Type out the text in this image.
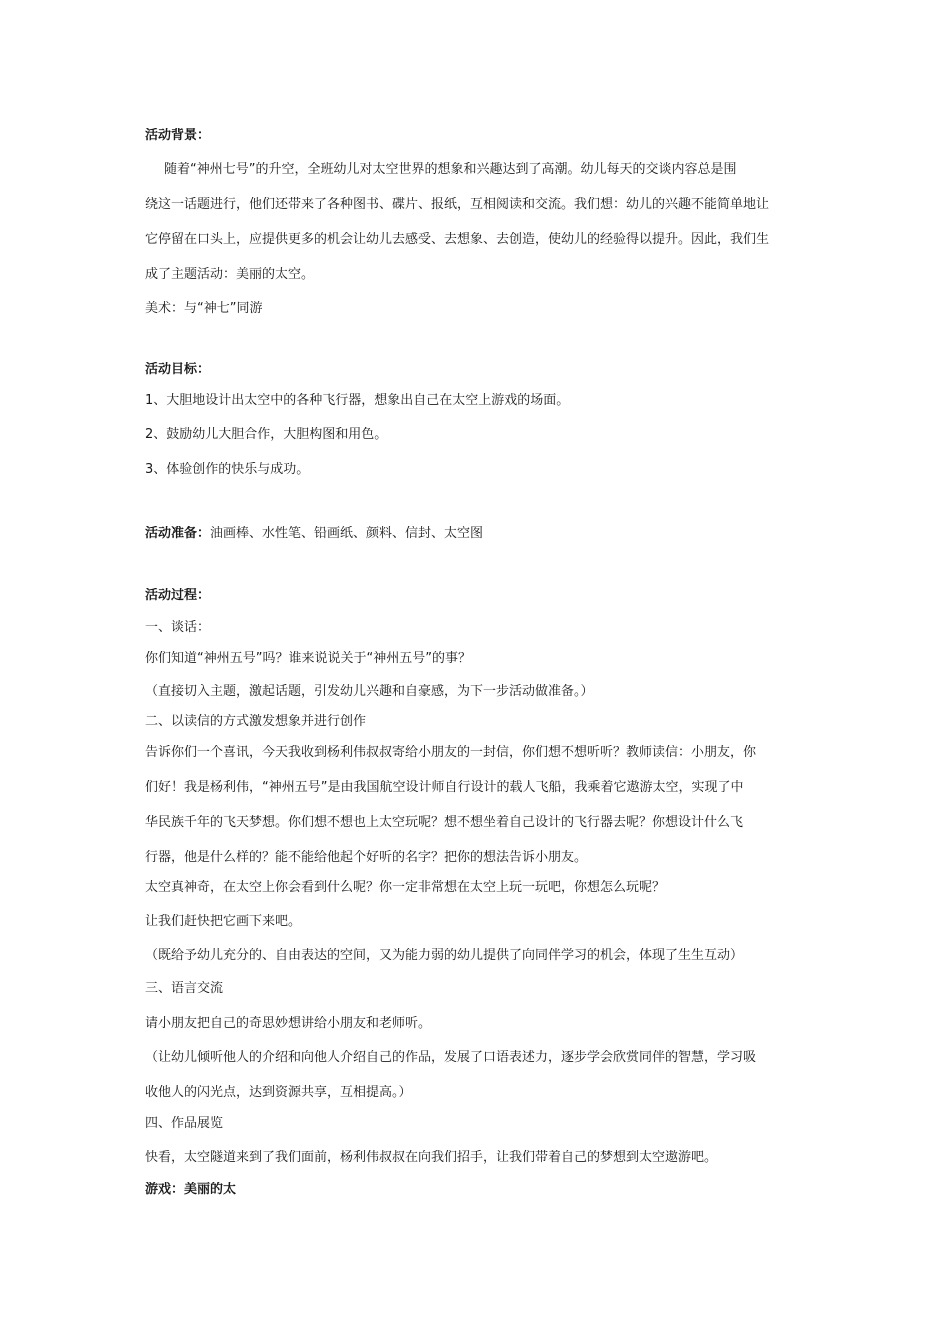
活动背景：
随着“神州七号”的升空，全班幼儿对太空世界的想象和兴趣达到了高潮。幼儿每天的交谈内容总是围
绕这一话题进行，他们还带来了各种图书、碟片、报纸，互相阅读和交流。我们想：幼儿的兴趣不能简单地让
它停留在口头上，应提供更多的机会让幼儿去感受、去想象、去创造，使幼儿的经验得以提升。因此，我们生
成了主题活动：美丽的太空。
美术：与“神七”同游
活动目标：
1、大胆地设计出太空中的各种飞行器，想象出自己在太空上游戏的场面。
2、鼓励幼儿大胆合作，大胆构图和用色。
3、体验创作的快乐与成功。
活动准备：油画棒、水性笔、铅画纸、颜料、信封、太空图
活动过程：
一、谈话：
你们知道“神州五号”吗？谁来说说关于“神州五号”的事？
（直接切入主题，激起话题，引发幼儿兴趣和自豪感，为下一步活动做准备。）
二、以读信的方式激发想象并进行创作
告诉你们一个喜讯，今天我收到杨利伟叔叔寄给小朋友的一封信，你们想不想听听？教师读信：小朋友，你
们好！我是杨利伟，“神州五号”是由我国航空设计师自行设计的载人飞船，我乘着它遨游太空，实现了中
华民族千年的飞天梦想。你们想不想也上太空玩呢？想不想坐着自己设计的飞行器去呢？你想设计什么飞
行器，他是什么样的？能不能给他起个好听的名字？把你的想法告诉小朋友。
太空真神奇，在太空上你会看到什么呢？你一定非常想在太空上玩一玩吧，你想怎么玩呢？
让我们赶快把它画下来吧。
（既给予幼儿充分的、自由表达的空间，又为能力弱的幼儿提供了向同伴学习的机会，体现了生生互动）
三、语言交流
请小朋友把自己的奇思妙想讲给小朋友和老师听。
（让幼儿倾听他人的介绍和向他人介绍自己的作品，发展了口语表述力，逐步学会欣赏同伴的智慧，学习吸
收他人的闪光点，达到资源共享，互相提高。）
四、作品展览
快看，太空隧道来到了我们面前，杨利伟叔叔在向我们招手，让我们带着自己的梦想到太空遨游吧。
游戏：美丽的太
